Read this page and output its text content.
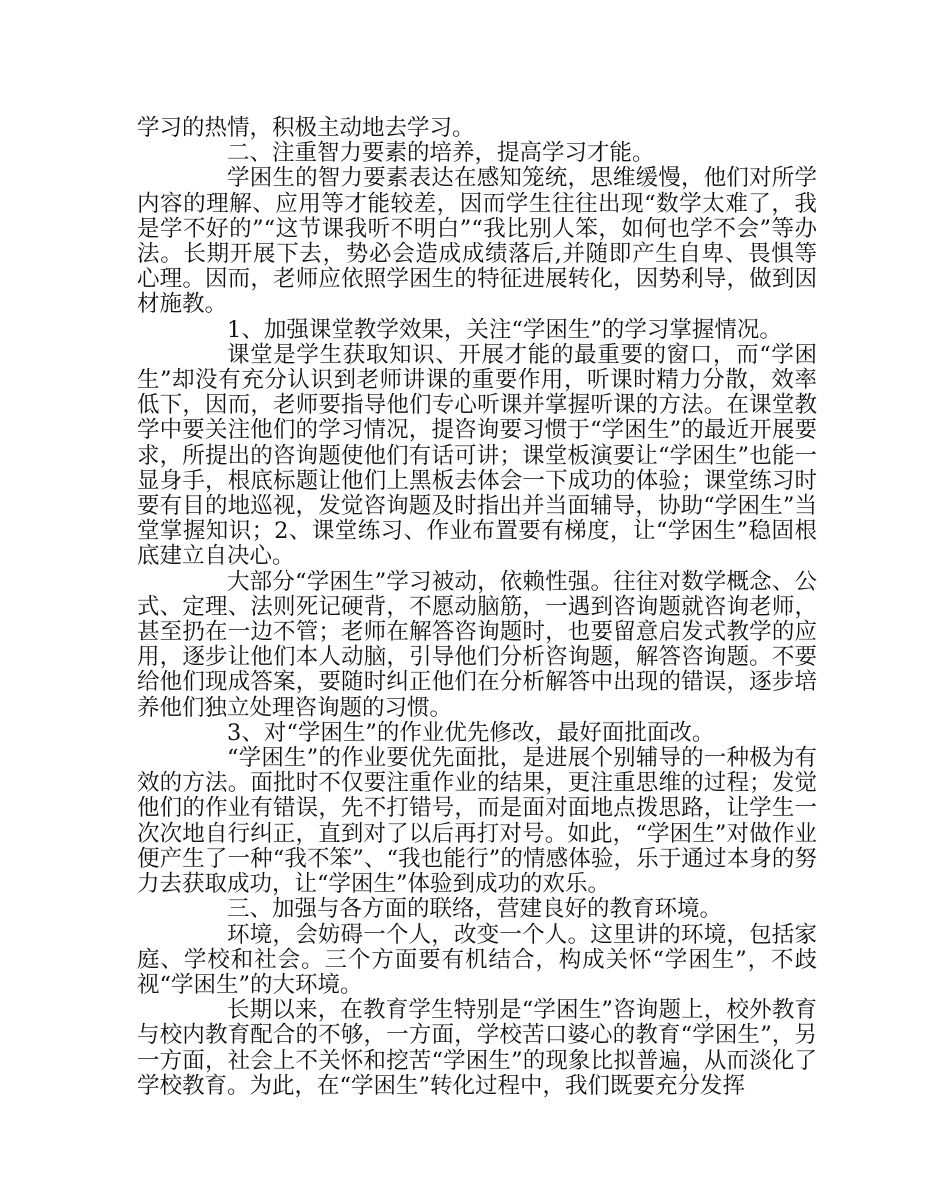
学习的热情，积极主动地去学习。

二、注重智力要素的培养，提高学习才能。

学困生的智力要素表达在感知笼统，思维缓慢，他们对所学内容的理解、应用等才能较差，因而学生往往出现“数学太难了，我是学不好的”“这节课我听不明白”“我比别人笨，如何也学不会”等办法。长期开展下去，势必会造成成绩落后,并随即产生自卑、畏惧等心理。因而，老师应依照学困生的特征进展转化，因势利导，做到因材施教。

1、加强课堂教学效果，关注“学困生”的学习掌握情况。

课堂是学生获取知识、开展才能的最重要的窗口，而“学困生”却没有充分认识到老师讲课的重要作用，听课时精力分散，效率低下，因而，老师要指导他们专心听课并掌握听课的方法。在课堂教学中要关注他们的学习情况，提咨询要习惯于“学困生”的最近开展要求，所提出的咨询题使他们有话可讲；课堂板演要让“学困生”也能一显身手，根底标题让他们上黑板去体会一下成功的体验；课堂练习时要有目的地巡视，发觉咨询题及时指出并当面辅导，协助“学困生”当堂掌握知识；2、课堂练习、作业布置要有梯度，让“学困生”稳固根底建立自决心。

大部分“学困生”学习被动，依赖性强。往往对数学概念、公式、定理、法则死记硬背，不愿动脑筋，一遇到咨询题就咨询老师，甚至扔在一边不管；老师在解答咨询题时，也要留意启发式教学的应用，逐步让他们本人动脑，引导他们分析咨询题，解答咨询题。不要给他们现成答案，要随时纠正他们在分析解答中出现的错误，逐步培养他们独立处理咨询题的习惯。

3、对“学困生”的作业优先修改，最好面批面改。

“学困生”的作业要优先面批，是进展个别辅导的一种极为有效的方法。面批时不仅要注重作业的结果，更注重思维的过程；发觉他们的作业有错误，先不打错号，而是面对面地点拨思路，让学生一次次地自行纠正，直到对了以后再打对号。如此，“学困生”对做作业便产生了一种“我不笨”、“我也能行”的情感体验，乐于通过本身的努力去获取成功，让“学困生”体验到成功的欢乐。

三、加强与各方面的联络，营建良好的教育环境。

环境，会妨碍一个人，改变一个人。这里讲的环境，包括家庭、学校和社会。三个方面要有机结合，构成关怀“学困生”，不歧视“学困生”的大环境。

长期以来，在教育学生特别是“学困生”咨询题上，校外教育与校内教育配合的不够，一方面，学校苦口婆心的教育“学困生”，另一方面，社会上不关怀和挖苦“学困生”的现象比拟普遍，从而淡化了学校教育。为此，在“学困生”转化过程中，我们既要充分发挥
